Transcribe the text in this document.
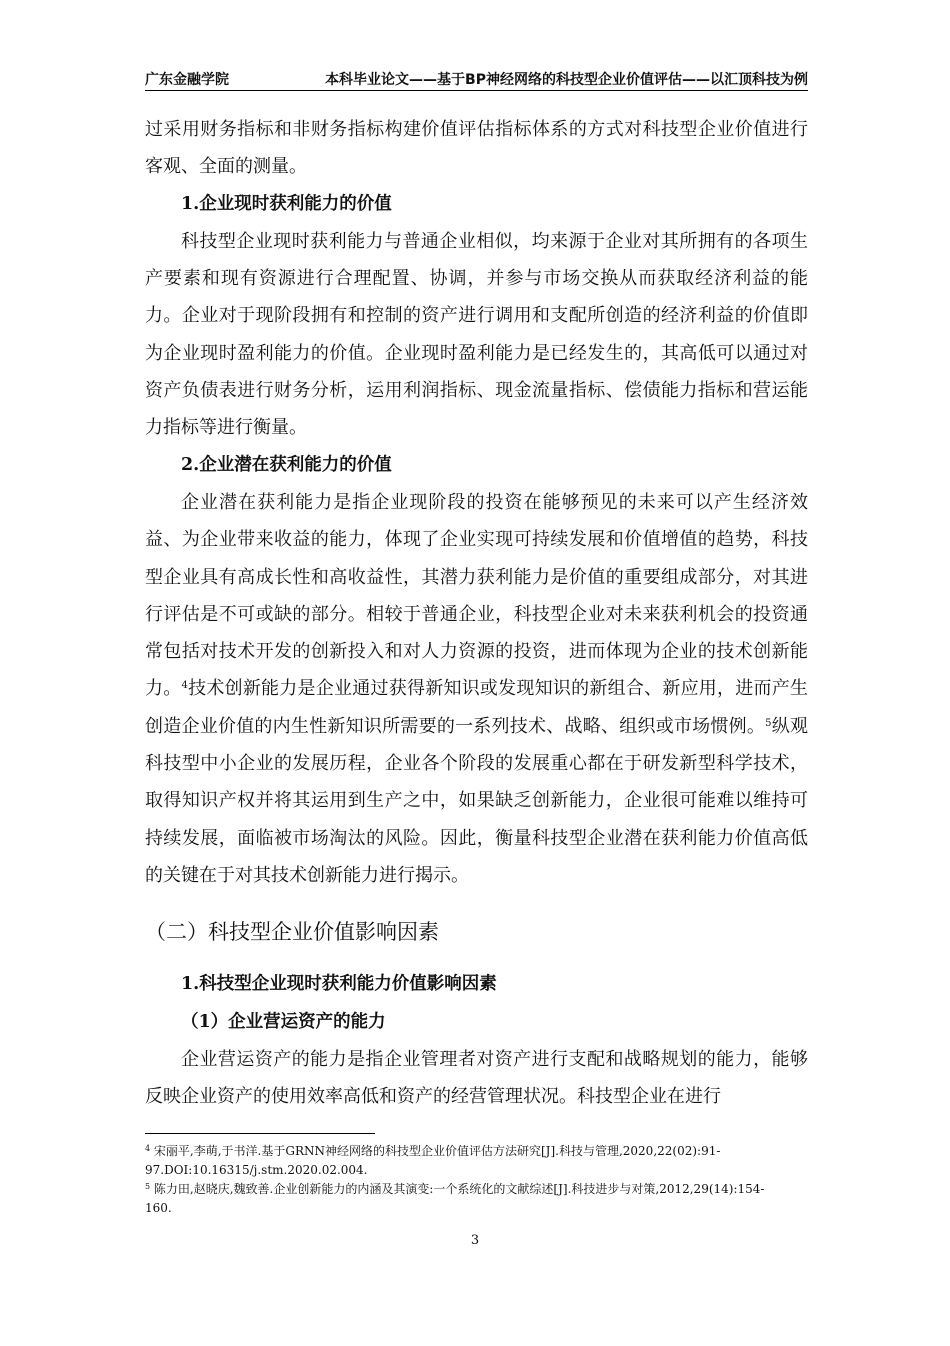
广东金融学院	本科毕业论文——基于BP神经网络的科技型企业价值评估——以汇顶科技为例

过采用财务指标和非财务指标构建价值评估指标体系的方式对科技型企业价值进行客观、全面的测量。

1.企业现时获利能力的价值

科技型企业现时获利能力与普通企业相似，均来源于企业对其所拥有的各项生产要素和现有资源进行合理配置、协调，并参与市场交换从而获取经济利益的能力。企业对于现阶段拥有和控制的资产进行调用和支配所创造的经济利益的价值即为企业现时盈利能力的价值。企业现时盈利能力是已经发生的，其高低可以通过对资产负债表进行财务分析，运用利润指标、现金流量指标、偿债能力指标和营运能力指标等进行衡量。

2.企业潜在获利能力的价值

企业潜在获利能力是指企业现阶段的投资在能够预见的未来可以产生经济效益、为企业带来收益的能力，体现了企业实现可持续发展和价值增值的趋势，科技型企业具有高成长性和高收益性，其潜力获利能力是价值的重要组成部分，对其进行评估是不可或缺的部分。相较于普通企业，科技型企业对未来获利机会的投资通常包括对技术开发的创新投入和对人力资源的投资，进而体现为企业的技术创新能力。$^4$技术创新能力是企业通过获得新知识或发现知识的新组合、新应用，进而产生创造企业价值的内生性新知识所需要的一系列技术、战略、组织或市场惯例。$^5$纵观科技型中小企业的发展历程，企业各个阶段的发展重心都在于研发新型科学技术，取得知识产权并将其运用到生产之中，如果缺乏创新能力，企业很可能难以维持可持续发展，面临被市场淘汰的风险。因此，衡量科技型企业潜在获利能力价值高低的关键在于对其技术创新能力进行揭示。

（二）科技型企业价值影响因素
1.科技型企业现时获利能力价值影响因素
（1）企业营运资产的能力

企业营运资产的能力是指企业管理者对资产进行支配和战略规划的能力，能够反映企业资产的使用效率高低和资产的经营管理状况。科技型企业在进行

$^4$ 宋丽平,李萌,于书洋.基于GRNN神经网络的科技型企业价值评估方法研究[J].科技与管理,2020,22(02):91-97.DOI:10.16315/j.stm.2020.02.004.
$^5$ 陈力田,赵晓庆,魏致善.企业创新能力的内涵及其演变:一个系统化的文献综述[J].科技进步与对策,2012,29(14):154-160.
3
